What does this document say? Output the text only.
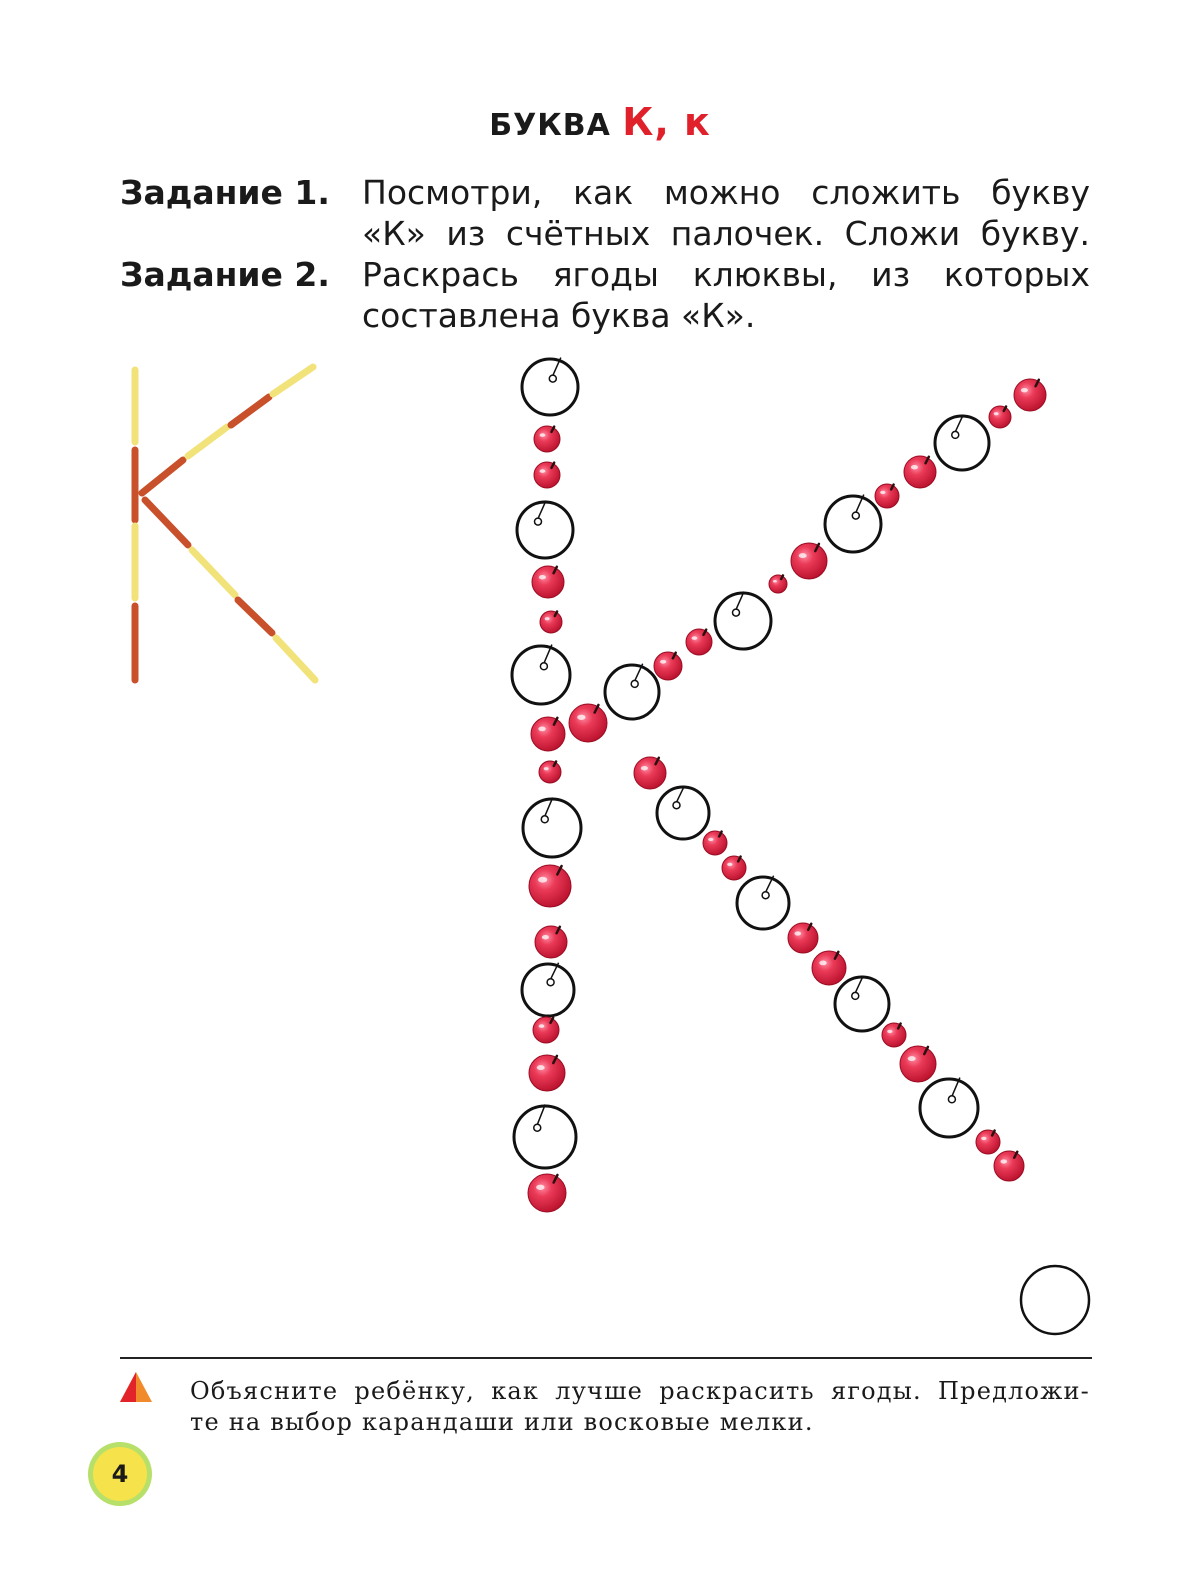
БУКВА К, к
Задание 1. Посмотри, как можно сложить букву
«К» из счётных палочек. Сложи букву.
Задание 2. Раскрась ягоды клюквы, из которых
составлена буква «К».
Объясните ребёнку, как лучше раскрасить ягоды. Предложи-
те на выбор карандаши или восковые мелки.
4
